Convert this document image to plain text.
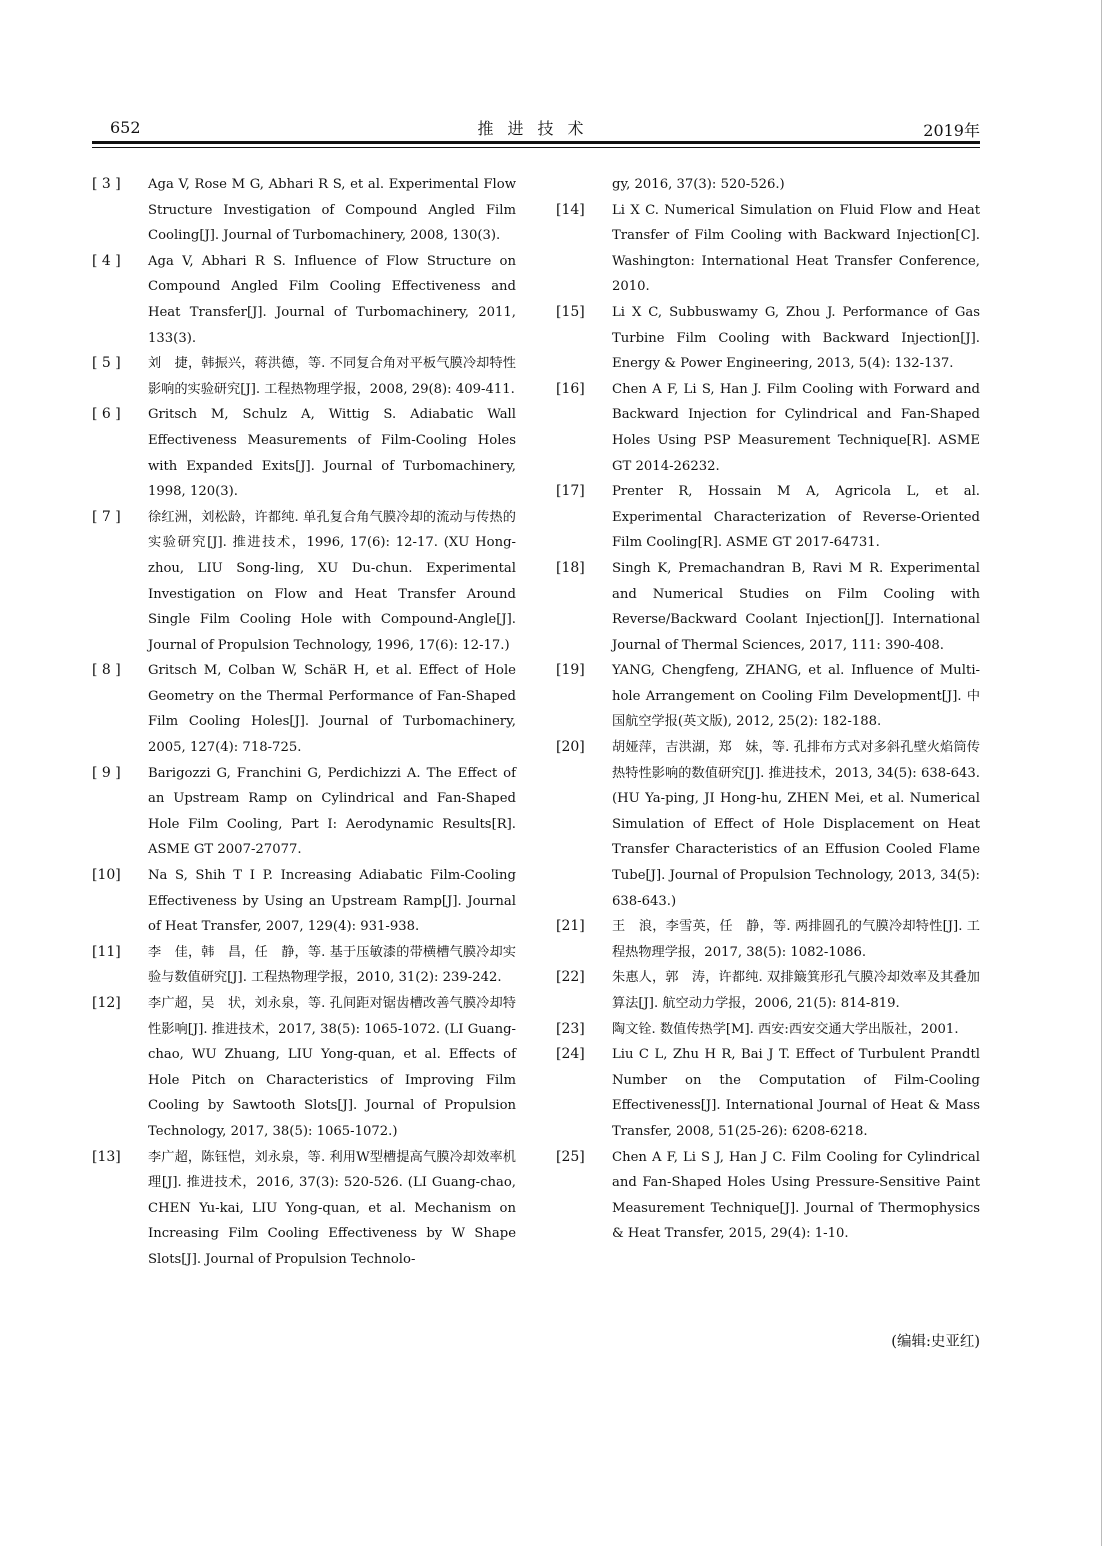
652	推进技术	2019年
[ 3 ]	Aga V, Rose M G, Abhari R S, et al. Experimental Flow Structure Investigation of Compound Angled Film Cooling[J]. Journal of Turbomachinery, 2008, 130(3).
[ 4 ]	Aga V, Abhari R S. Influence of Flow Structure on Compound Angled Film Cooling Effectiveness and Heat Transfer[J]. Journal of Turbomachinery, 2011, 133(3).
[ 5 ]	刘　捷，韩振兴，蒋洪德，等. 不同复合角对平板气膜冷却特性影响的实验研究[J]. 工程热物理学报，2008, 29(8): 409-411.
[ 6 ]	Gritsch M, Schulz A, Wittig S. Adiabatic Wall Effectiveness Measurements of Film-Cooling Holes with Expanded Exits[J]. Journal of Turbomachinery, 1998, 120(3).
[ 7 ]	徐红洲，刘松龄，许都纯. 单孔复合角气膜冷却的流动与传热的实验研究[J]. 推进技术，1996, 17(6): 12-17. (XU Hong-zhou, LIU Song-ling, XU Du-chun. Experimental Investigation on Flow and Heat Transfer Around Single Film Cooling Hole with Compound-Angle[J]. Journal of Propulsion Technology, 1996, 17(6): 12-17.)
[ 8 ]	Gritsch M, Colban W, SchäR H, et al. Effect of Hole Geometry on the Thermal Performance of Fan-Shaped Film Cooling Holes[J]. Journal of Turbomachinery, 2005, 127(4): 718-725.
[ 9 ]	Barigozzi G, Franchini G, Perdichizzi A. The Effect of an Upstream Ramp on Cylindrical and Fan-Shaped Hole Film Cooling, Part I: Aerodynamic Results[R]. ASME GT 2007-27077.
[10]	Na S, Shih T I P. Increasing Adiabatic Film-Cooling Effectiveness by Using an Upstream Ramp[J]. Journal of Heat Transfer, 2007, 129(4): 931-938.
[11]	李　佳，韩　昌，任　静，等. 基于压敏漆的带横槽气膜冷却实验与数值研究[J]. 工程热物理学报，2010, 31(2): 239-242.
[12]	李广超，吴　状，刘永泉，等. 孔间距对锯齿槽改善气膜冷却特性影响[J]. 推进技术，2017, 38(5): 1065-1072. (LI Guang-chao, WU Zhuang, LIU Yong-quan, et al. Effects of Hole Pitch on Characteristics of Improving Film Cooling by Sawtooth Slots[J]. Journal of Propulsion Technology, 2017, 38(5): 1065-1072.)
[13]	李广超，陈钰恺，刘永泉，等. 利用W型槽提高气膜冷却效率机理[J]. 推进技术，2016, 37(3): 520-526. (LI Guang-chao, CHEN Yu-kai, LIU Yong-quan, et al. Mechanism on Increasing Film Cooling Effectiveness by W Shape Slots[J]. Journal of Propulsion Technolo-
gy, 2016, 37(3): 520-526.)
[14]	Li X C. Numerical Simulation on Fluid Flow and Heat Transfer of Film Cooling with Backward Injection[C]. Washington: International Heat Transfer Conference, 2010.
[15]	Li X C, Subbuswamy G, Zhou J. Performance of Gas Turbine Film Cooling with Backward Injection[J]. Energy & Power Engineering, 2013, 5(4): 132-137.
[16]	Chen A F, Li S, Han J. Film Cooling with Forward and Backward Injection for Cylindrical and Fan-Shaped Holes Using PSP Measurement Technique[R]. ASME GT 2014-26232.
[17]	Prenter R, Hossain M A, Agricola L, et al. Experimental Characterization of Reverse-Oriented Film Cooling[R]. ASME GT 2017-64731.
[18]	Singh K, Premachandran B, Ravi M R. Experimental and Numerical Studies on Film Cooling with Reverse/Backward Coolant Injection[J]. International Journal of Thermal Sciences, 2017, 111: 390-408.
[19]	YANG, Chengfeng, ZHANG, et al. Influence of Multi-hole Arrangement on Cooling Film Development[J]. 中国航空学报(英文版), 2012, 25(2): 182-188.
[20]	胡娅萍，吉洪湖，郑　妹，等. 孔排布方式对多斜孔壁火焰筒传热特性影响的数值研究[J]. 推进技术，2013, 34(5): 638-643. (HU Ya-ping, JI Hong-hu, ZHEN Mei, et al. Numerical Simulation of Effect of Hole Displacement on Heat Transfer Characteristics of an Effusion Cooled Flame Tube[J]. Journal of Propulsion Technology, 2013, 34(5): 638-643.)
[21]	王　浪，李雪英，任　静，等. 两排圆孔的气膜冷却特性[J]. 工程热物理学报，2017, 38(5): 1082-1086.
[22]	朱惠人，郭　涛，许都纯. 双排簸箕形孔气膜冷却效率及其叠加算法[J]. 航空动力学报，2006, 21(5): 814-819.
[23]	陶文铨. 数值传热学[M]. 西安:西安交通大学出版社，2001.
[24]	Liu C L, Zhu H R, Bai J T. Effect of Turbulent Prandtl Number on the Computation of Film-Cooling Effectiveness[J]. International Journal of Heat & Mass Transfer, 2008, 51(25-26): 6208-6218.
[25]	Chen A F, Li S J, Han J C. Film Cooling for Cylindrical and Fan-Shaped Holes Using Pressure-Sensitive Paint Measurement Technique[J]. Journal of Thermophysics & Heat Transfer, 2015, 29(4): 1-10.
(编辑:史亚红)
